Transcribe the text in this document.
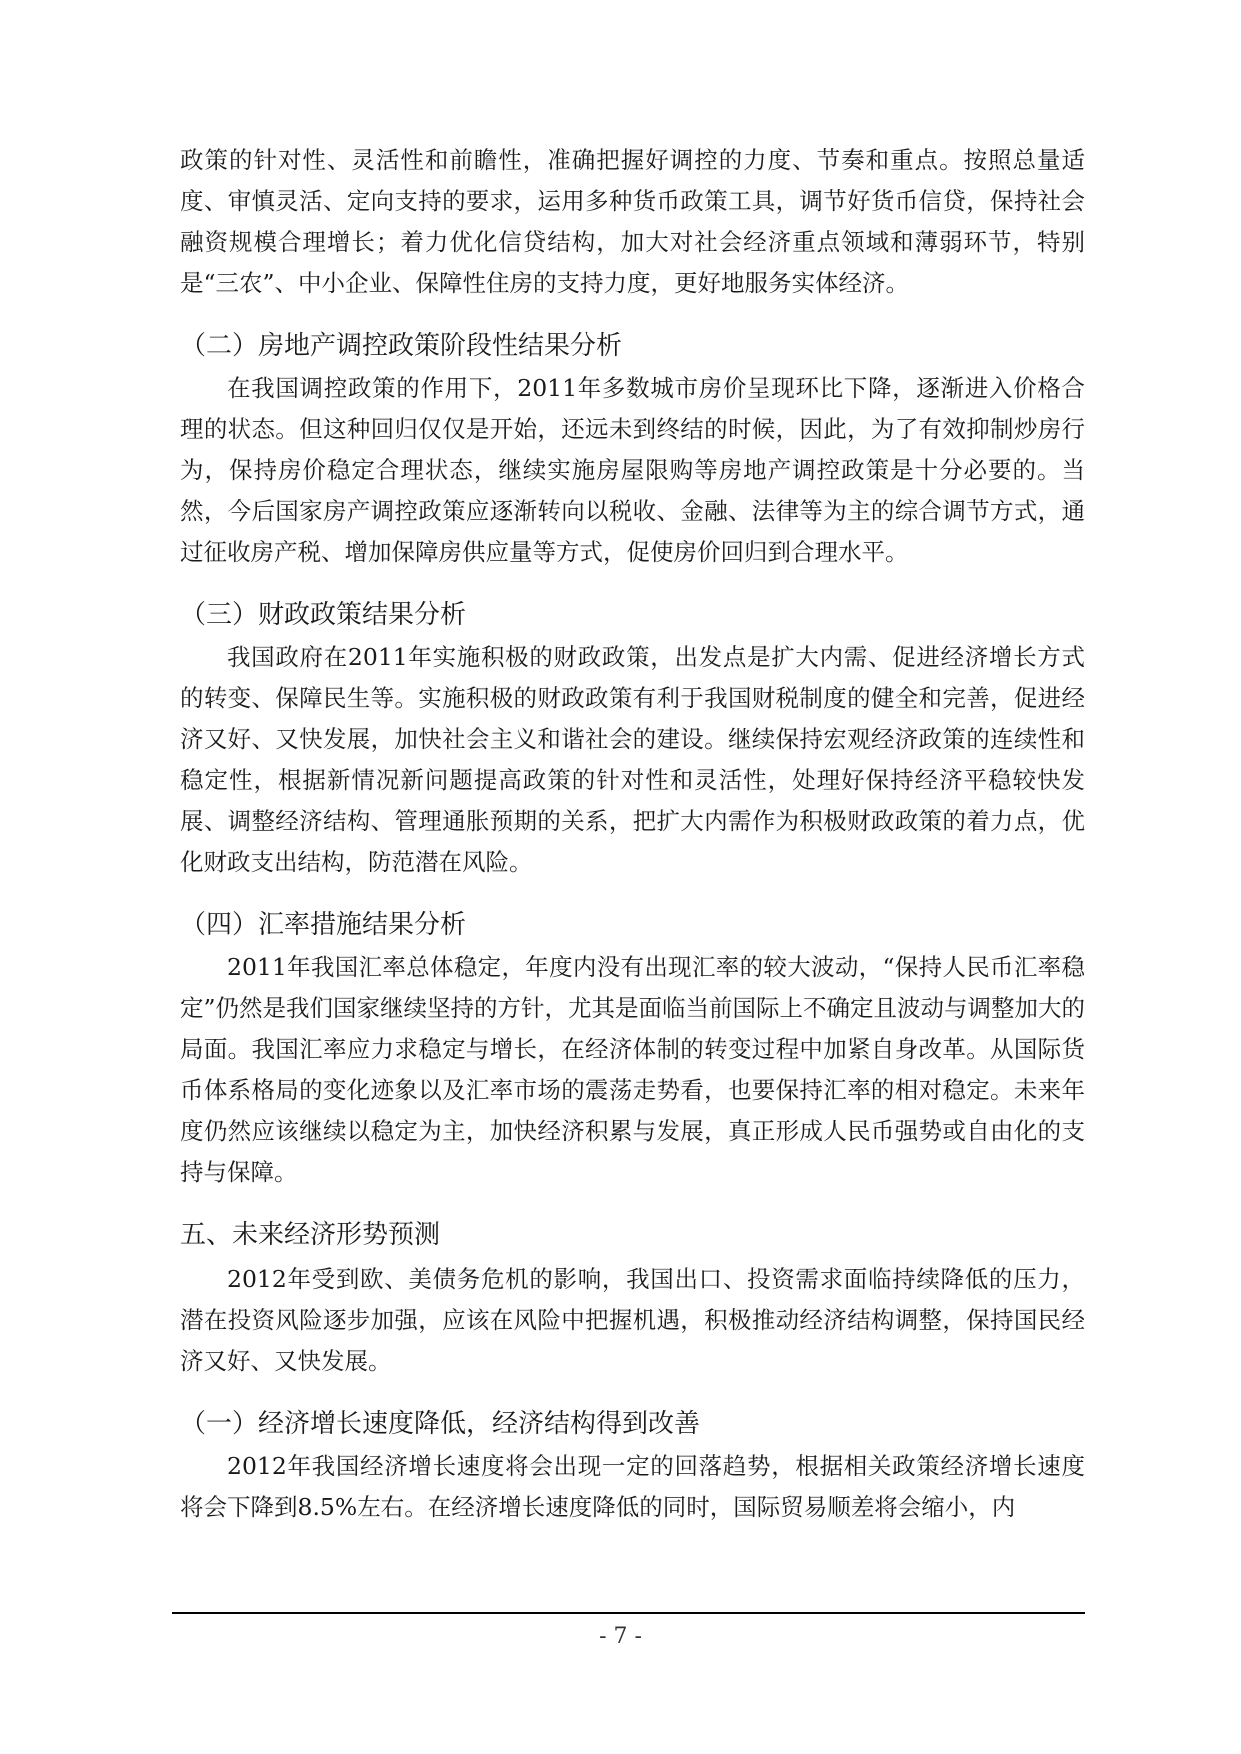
政策的针对性、灵活性和前瞻性，准确把握好调控的力度、节奏和重点。按照总量适度、审慎灵活、定向支持的要求，运用多种货币政策工具，调节好货币信贷，保持社会融资规模合理增长；着力优化信贷结构，加大对社会经济重点领域和薄弱环节，特别是“三农”、中小企业、保障性住房的支持力度，更好地服务实体经济。

（二）房地产调控政策阶段性结果分析

在我国调控政策的作用下，2011年多数城市房价呈现环比下降，逐渐进入价格合理的状态。但这种回归仅仅是开始，还远未到终结的时候，因此，为了有效抑制炒房行为，保持房价稳定合理状态，继续实施房屋限购等房地产调控政策是十分必要的。当然，今后国家房产调控政策应逐渐转向以税收、金融、法律等为主的综合调节方式，通过征收房产税、增加保障房供应量等方式，促使房价回归到合理水平。

（三）财政政策结果分析

我国政府在2011年实施积极的财政政策，出发点是扩大内需、促进经济增长方式的转变、保障民生等。实施积极的财政政策有利于我国财税制度的健全和完善，促进经济又好、又快发展，加快社会主义和谐社会的建设。继续保持宏观经济政策的连续性和稳定性，根据新情况新问题提高政策的针对性和灵活性，处理好保持经济平稳较快发展、调整经济结构、管理通胀预期的关系，把扩大内需作为积极财政政策的着力点，优化财政支出结构，防范潜在风险。

（四）汇率措施结果分析

2011年我国汇率总体稳定，年度内没有出现汇率的较大波动，“保持人民币汇率稳定”仍然是我们国家继续坚持的方针，尤其是面临当前国际上不确定且波动与调整加大的局面。我国汇率应力求稳定与增长，在经济体制的转变过程中加紧自身改革。从国际货币体系格局的变化迹象以及汇率市场的震荡走势看，也要保持汇率的相对稳定。未来年度仍然应该继续以稳定为主，加快经济积累与发展，真正形成人民币强势或自由化的支持与保障。

五、未来经济形势预测

2012年受到欧、美债务危机的影响，我国出口、投资需求面临持续降低的压力，潜在投资风险逐步加强，应该在风险中把握机遇，积极推动经济结构调整，保持国民经济又好、又快发展。

（一）经济增长速度降低，经济结构得到改善

2012年我国经济增长速度将会出现一定的回落趋势，根据相关政策经济增长速度将会下降到8.5%左右。在经济增长速度降低的同时，国际贸易顺差将会缩小，内

- 7 -
